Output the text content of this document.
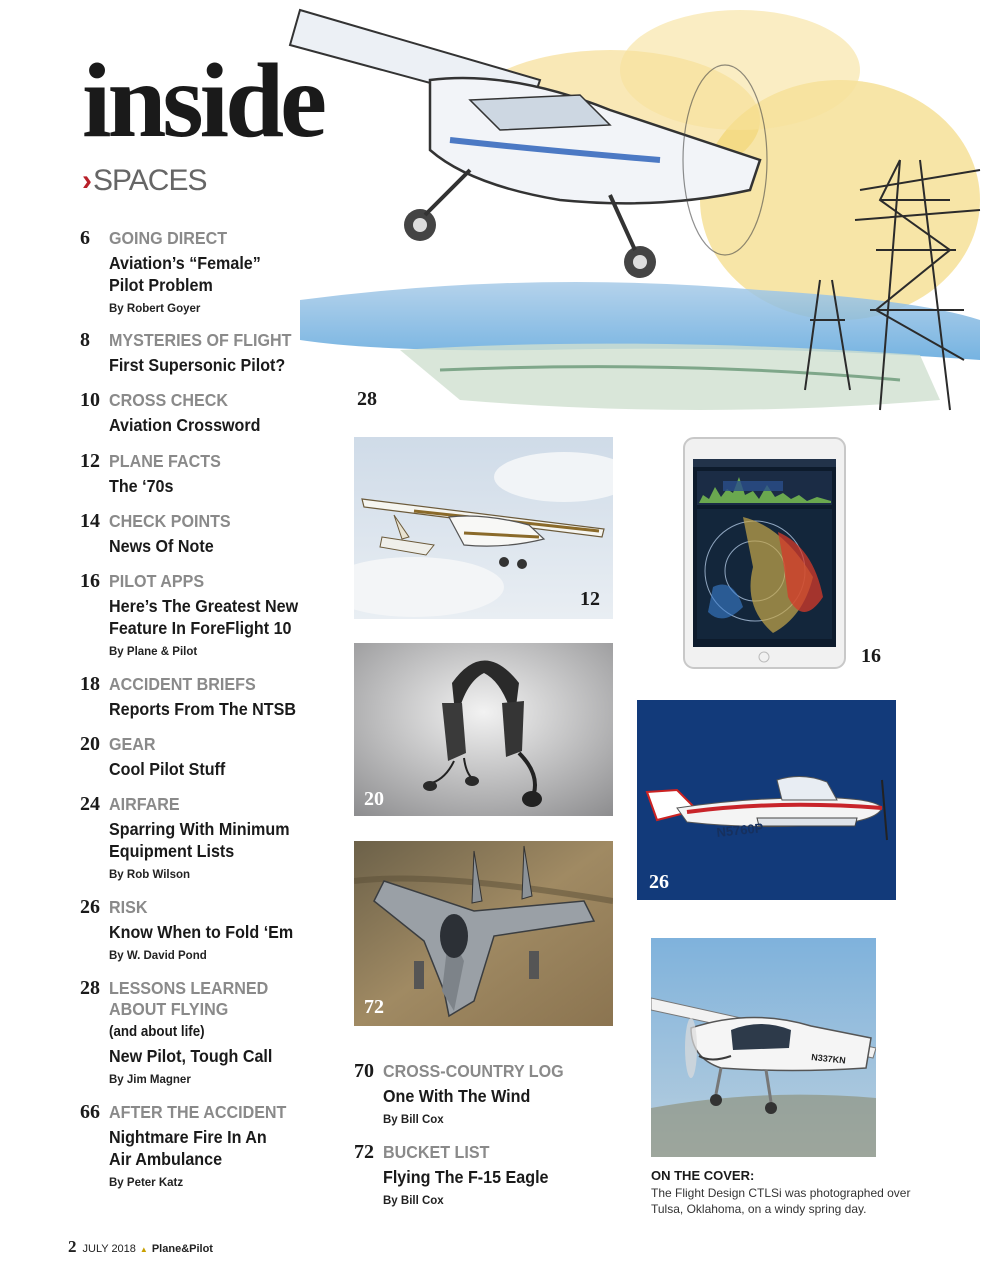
28
inside
›SPACES
6 GOING DIRECT
Aviation’s “Female” Pilot Problem
By Robert Goyer
8 MYSTERIES OF FLIGHT
First Supersonic Pilot?
10 CROSS CHECK
Aviation Crossword
12 PLANE FACTS
The ‘70s
14 CHECK POINTS
News Of Note
16 PILOT APPS
Here’s The Greatest New Feature In ForeFlight 10
By Plane & Pilot
18 ACCIDENT BRIEFS
Reports From The NTSB
20 GEAR
Cool Pilot Stuff
24 AIRFARE
Sparring With Minimum Equipment Lists
By Rob Wilson
26 RISK
Know When to Fold ‘Em
By W. David Pond
28 LESSONS LEARNED ABOUT FLYING
(and about life)
New Pilot, Tough Call
By Jim Magner
66 AFTER THE ACCIDENT
Nightmare Fire In An Air Ambulance
By Peter Katz
70 CROSS-COUNTRY LOG
One With The Wind
By Bill Cox
72 BUCKET LIST
Flying The F-15 Eagle
By Bill Cox
12
16
20
N5760P
26
72
N337KN
ON THE COVER:
The Flight Design CTLSi was photographed over Tulsa, Oklahoma, on a windy spring day.
2 JULY 2018 ▲ Plane&Pilot
